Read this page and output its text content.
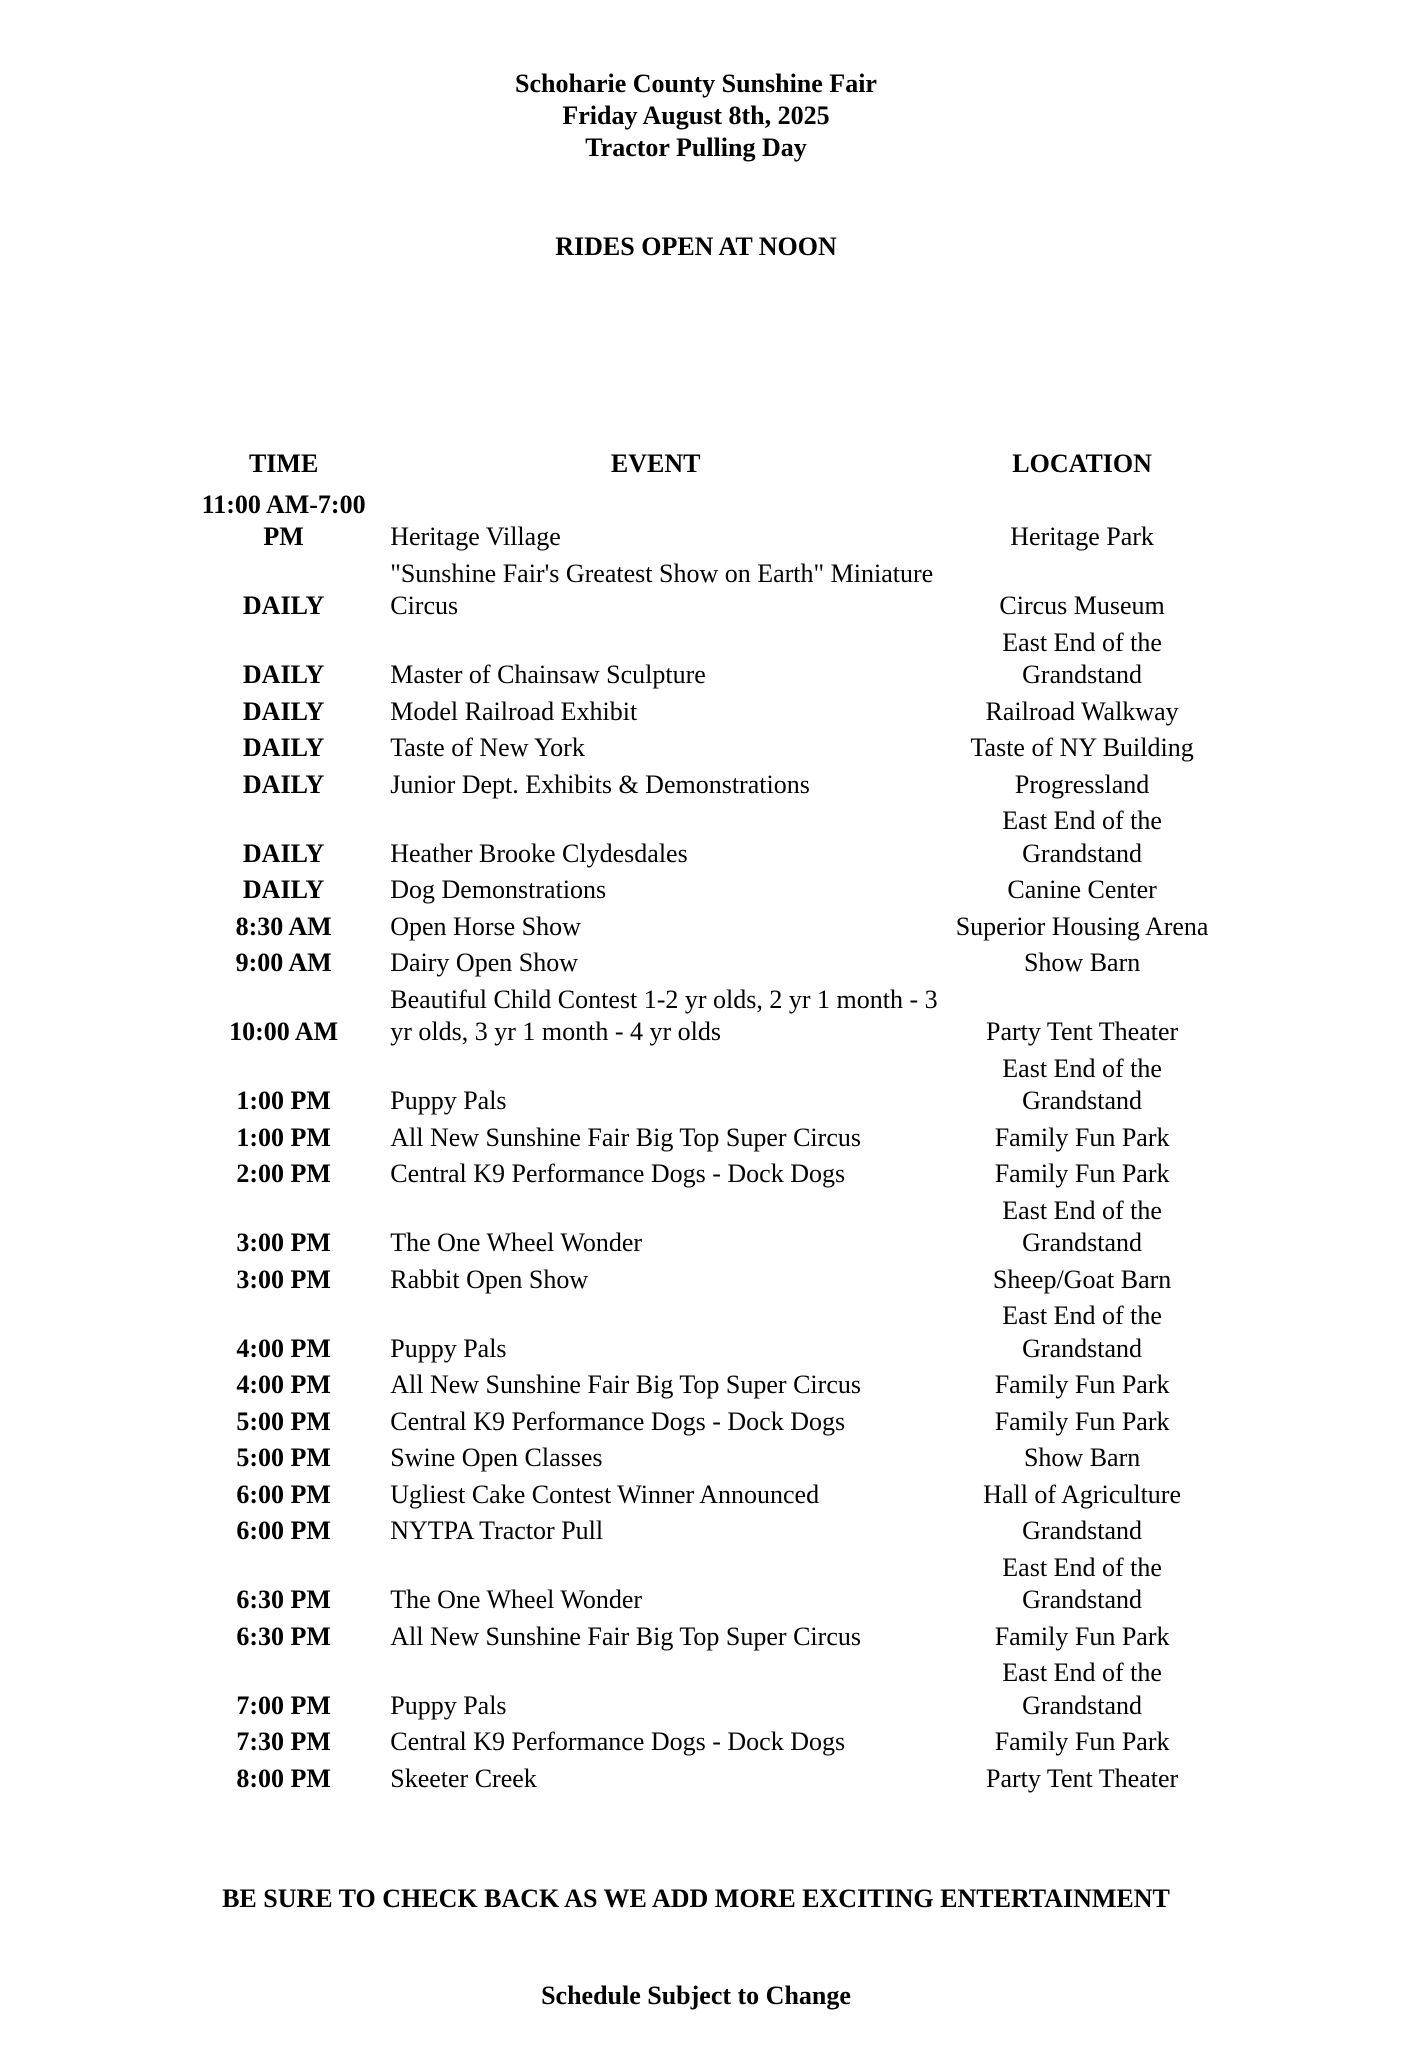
Schoharie County Sunshine Fair
Friday August 8th, 2025
Tractor Pulling Day
RIDES OPEN AT NOON
TIME	EVENT	LOCATION
11:00 AM-7:00 PM	Heritage Village	Heritage Park
DAILY	"Sunshine Fair's Greatest Show on Earth" Miniature Circus	Circus Museum
DAILY	Master of Chainsaw Sculpture	East End of the Grandstand
DAILY	Model Railroad Exhibit	Railroad Walkway
DAILY	Taste of New York	Taste of NY Building
DAILY	Junior Dept. Exhibits & Demonstrations	Progressland
DAILY	Heather Brooke Clydesdales	East End of the Grandstand
DAILY	Dog Demonstrations	Canine Center
8:30 AM	Open Horse Show	Superior Housing Arena
9:00 AM	Dairy Open Show	Show Barn
10:00 AM	Beautiful Child Contest 1-2 yr olds, 2 yr 1 month - 3 yr olds, 3 yr 1 month - 4 yr olds	Party Tent Theater
1:00 PM	Puppy Pals	East End of the Grandstand
1:00 PM	All New Sunshine Fair Big Top Super Circus	Family Fun Park
2:00 PM	Central K9 Performance Dogs - Dock Dogs	Family Fun Park
3:00 PM	The One Wheel Wonder	East End of the Grandstand
3:00 PM	Rabbit Open Show	Sheep/Goat Barn
4:00 PM	Puppy Pals	East End of the Grandstand
4:00 PM	All New Sunshine Fair Big Top Super Circus	Family Fun Park
5:00 PM	Central K9 Performance Dogs - Dock Dogs	Family Fun Park
5:00 PM	Swine Open Classes	Show Barn
6:00 PM	Ugliest Cake Contest Winner Announced	Hall of Agriculture
6:00 PM	NYTPA Tractor Pull	Grandstand
6:30 PM	The One Wheel Wonder	East End of the Grandstand
6:30 PM	All New Sunshine Fair Big Top Super Circus	Family Fun Park
7:00 PM	Puppy Pals	East End of the Grandstand
7:30 PM	Central K9 Performance Dogs - Dock Dogs	Family Fun Park
8:00 PM	Skeeter Creek	Party Tent Theater
BE SURE TO CHECK BACK AS WE ADD MORE EXCITING ENTERTAINMENT
Schedule Subject to Change
